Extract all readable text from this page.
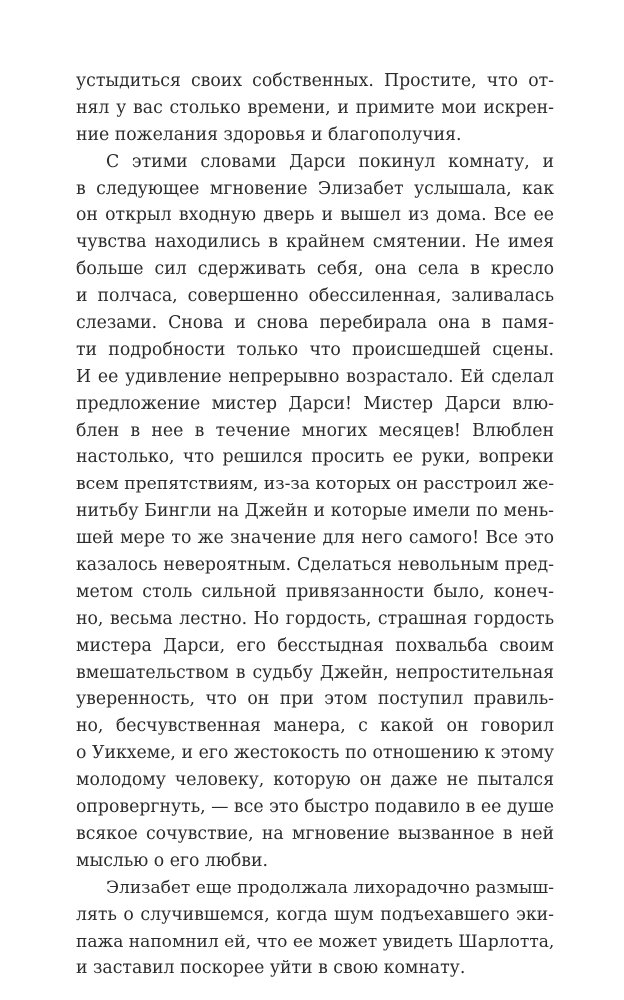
устыдиться своих собственных. Простите, что от-
нял у вас столько времени, и примите мои искрен-
ние пожелания здоровья и благополучия.
С этими словами Дарси покинул комнату, и
в следующее мгновение Элизабет услышала, как
он открыл входную дверь и вышел из дома. Все ее
чувства находились в крайнем смятении. Не имея
больше сил сдерживать себя, она села в кресло
и полчаса, совершенно обессиленная, заливалась
слезами. Снова и снова перебирала она в памя-
ти подробности только что происшедшей сцены.
И ее удивление непрерывно возрастало. Ей сделал
предложение мистер Дарси! Мистер Дарси влю-
блен в нее в течение многих месяцев! Влюблен
настолько, что решился просить ее руки, вопреки
всем препятствиям, из-за которых он расстроил же-
нитьбу Бингли на Джейн и которые имели по мень-
шей мере то же значение для него самого! Все это
казалось невероятным. Сделаться невольным пред-
метом столь сильной привязанности было, конеч-
но, весьма лестно. Но гордость, страшная гордость
мистера Дарси, его бесстыдная похвальба своим
вмешательством в судьбу Джейн, непростительная
уверенность, что он при этом поступил правиль-
но, бесчувственная манера, с какой он говорил
о Уикхеме, и его жестокость по отношению к этому
молодому человеку, которую он даже не пытался
опровергнуть, — все это быстро подавило в ее душе
всякое сочувствие, на мгновение вызванное в ней
мыслью о его любви.
Элизабет еще продолжала лихорадочно размыш-
лять о случившемся, когда шум подъехавшего эки-
пажа напомнил ей, что ее может увидеть Шарлотта,
и заставил поскорее уйти в свою комнату.
